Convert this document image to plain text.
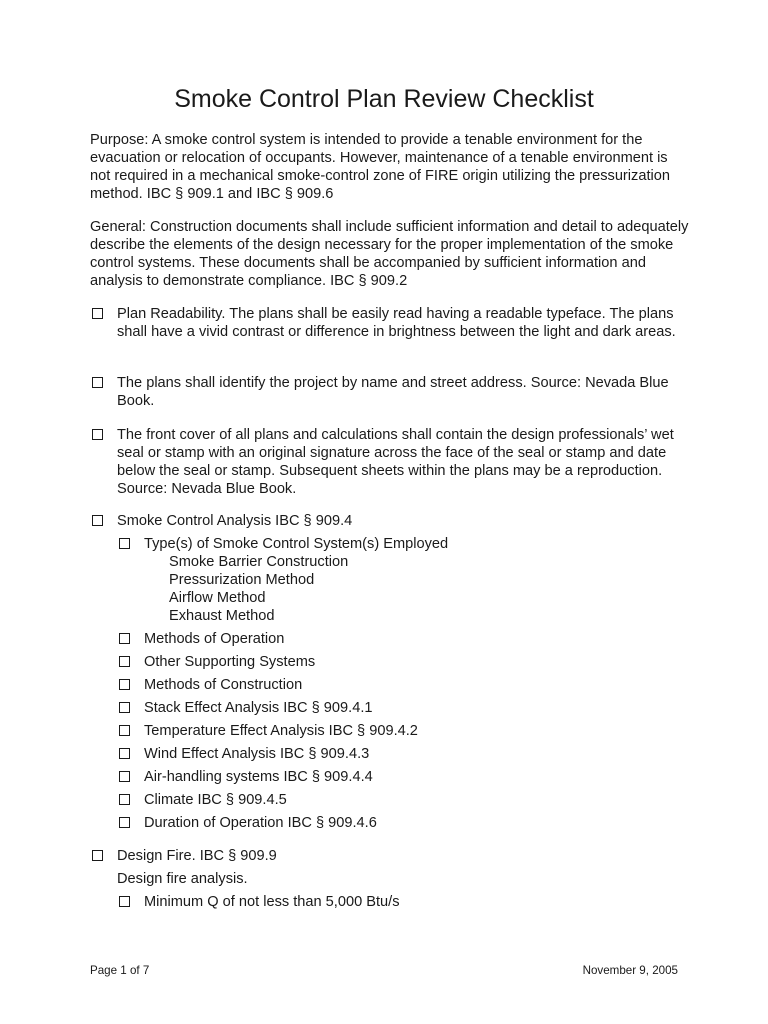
Smoke Control Plan Review Checklist
Purpose: A smoke control system is intended to provide a tenable environment for the evacuation or relocation of occupants. However, maintenance of a tenable environment is not required in a mechanical smoke-control zone of FIRE origin utilizing the pressurization method. IBC § 909.1 and IBC § 909.6
General: Construction documents shall include sufficient information and detail to adequately describe the elements of the design necessary for the proper implementation of the smoke control systems. These documents shall be accompanied by sufficient information and analysis to demonstrate compliance. IBC § 909.2
Plan Readability. The plans shall be easily read having a readable typeface. The plans shall have a vivid contrast or difference in brightness between the light and dark areas.
The plans shall identify the project by name and street address. Source: Nevada Blue Book.
The front cover of all plans and calculations shall contain the design professionals’ wet seal or stamp with an original signature across the face of the seal or stamp and date below the seal or stamp. Subsequent sheets within the plans may be a reproduction. Source: Nevada Blue Book.
Smoke Control Analysis IBC § 909.4
Type(s) of Smoke Control System(s) Employed
Smoke Barrier Construction
Pressurization Method
Airflow Method
Exhaust Method
Methods of Operation
Other Supporting Systems
Methods of Construction
Stack Effect Analysis IBC § 909.4.1
Temperature Effect Analysis IBC § 909.4.2
Wind Effect Analysis IBC § 909.4.3
Air-handling systems IBC § 909.4.4
Climate IBC § 909.4.5
Duration of Operation IBC § 909.4.6
Design Fire. IBC § 909.9
Design fire analysis.
Minimum Q of not less than 5,000 Btu/s
Page 1 of 7	November 9, 2005
